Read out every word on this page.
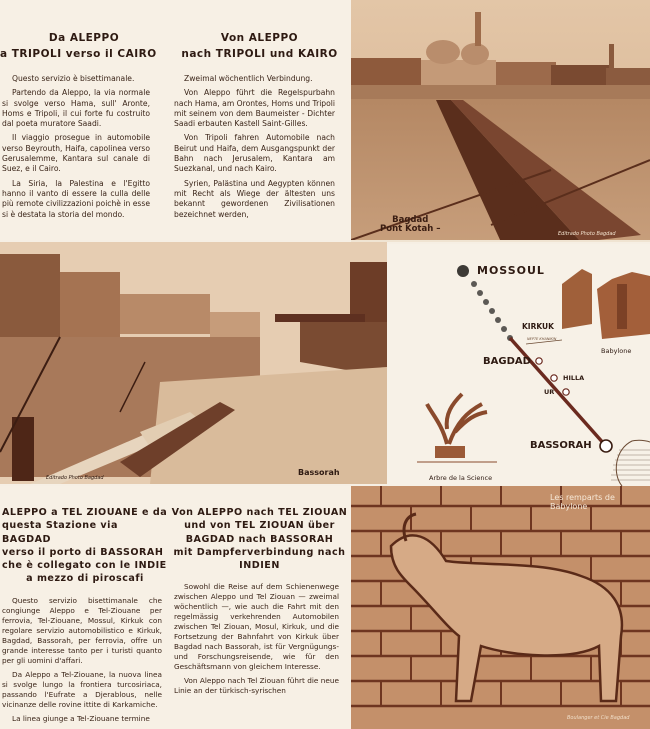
Da ALEPPO
a TRIPOLI verso il CAIRO

Questo servizio è bisettimanale.

Partendo da Aleppo, la via normale si svolge verso Hama, sull' Aronte, Homs e Tripoli, il cui forte fu costruito dal poeta muratore Saadi.

Il viaggio prosegue in automobile verso Beyrouth, Haifa, capolinea verso Gerusalemme, Kantara sul canale di Suez, e il Cairo.

La Siria, la Palestina e l'Egitto hanno il vanto di essere la culla delle più remote civilizzazioni poichè in esse si è destata la storia del mondo.

Von ALEPPO
nach TRIPOLI und KAIRO

Zweimal wöchentlich Verbindung.

Von Aleppo führt die Regelspurbahn nach Hama, am Orontes, Homs und Tripoli mit seinem von dem Baumeister - Dichter Saadi erbauten Kastell Saint-Gilles.

Von Tripoli fahren Automobile nach Beirut und Haifa, dem Ausgangspunkt der Bahn nach Jerusalem, Kantara am Suezkanal, und nach Kairo.

Syrien, Palästina und Aegypten können mit Recht als Wiege der ältesten uns bekannt gewordenen Zivilisationen bezeichnet werden,

Bagdad
Pont Kotah –	Editrado Photo Bagdad
Bassorah
Editrado Photo Bagdad
MOSSOUL
KIRKUK
BAGDAD
HILLA
UR
BASSORAH
NEPTE KHANIKIN
Babylone
Arbre de la Science
ALEPPO a TEL ZIOUANE e da
questa Stazione via BAGDAD
verso il porto di BASSORAH
che è collegato con le INDIE
a mezzo di piroscafi

Questo servizio bisettimanale che congiunge Aleppo e Tel-Ziouane per ferrovia, Tel-Ziouane, Mossul, Kirkuk con regolare servizio automobilistico e Kirkuk, Bagdad, Bassorah, per ferrovia, offre un grande interesse tanto per i turisti quanto per gli uomini d'affari.

Da Aleppo a Tel-Ziouane, la nuova linea si svolge lungo la frontiera turcosiriaca, passando l'Eufrate a Djerablous, nelle vicinanze delle rovine ittite di Karkamiche.

La linea giunge a Tel-Ziouane termine

Von ALEPPO nach TEL ZIOUAN
und von TEL ZIOUAN über
BAGDAD nach BASSORAH
mit Dampferverbindung nach
INDIEN

Sowohl die Reise auf dem Schienenwege zwischen Aleppo und Tel Ziouan — zweimal wöchentlich —, wie auch die Fahrt mit den regelmässig verkehrenden Automobilen zwischen Tel Ziouan, Mosul, Kirkuk, und die Fortsetzung der Bahnfahrt von Kirkuk über Bagdad nach Bassorah, ist für Vergnügungs- und Forschungsreisende, wie für den Geschäftsmann von gleichem Interesse.

Von Aleppo nach Tel Ziouan führt die neue Linie an der türkisch-syrischen

Les remparts de Babylone
Boulanger et Cie Bagdad
